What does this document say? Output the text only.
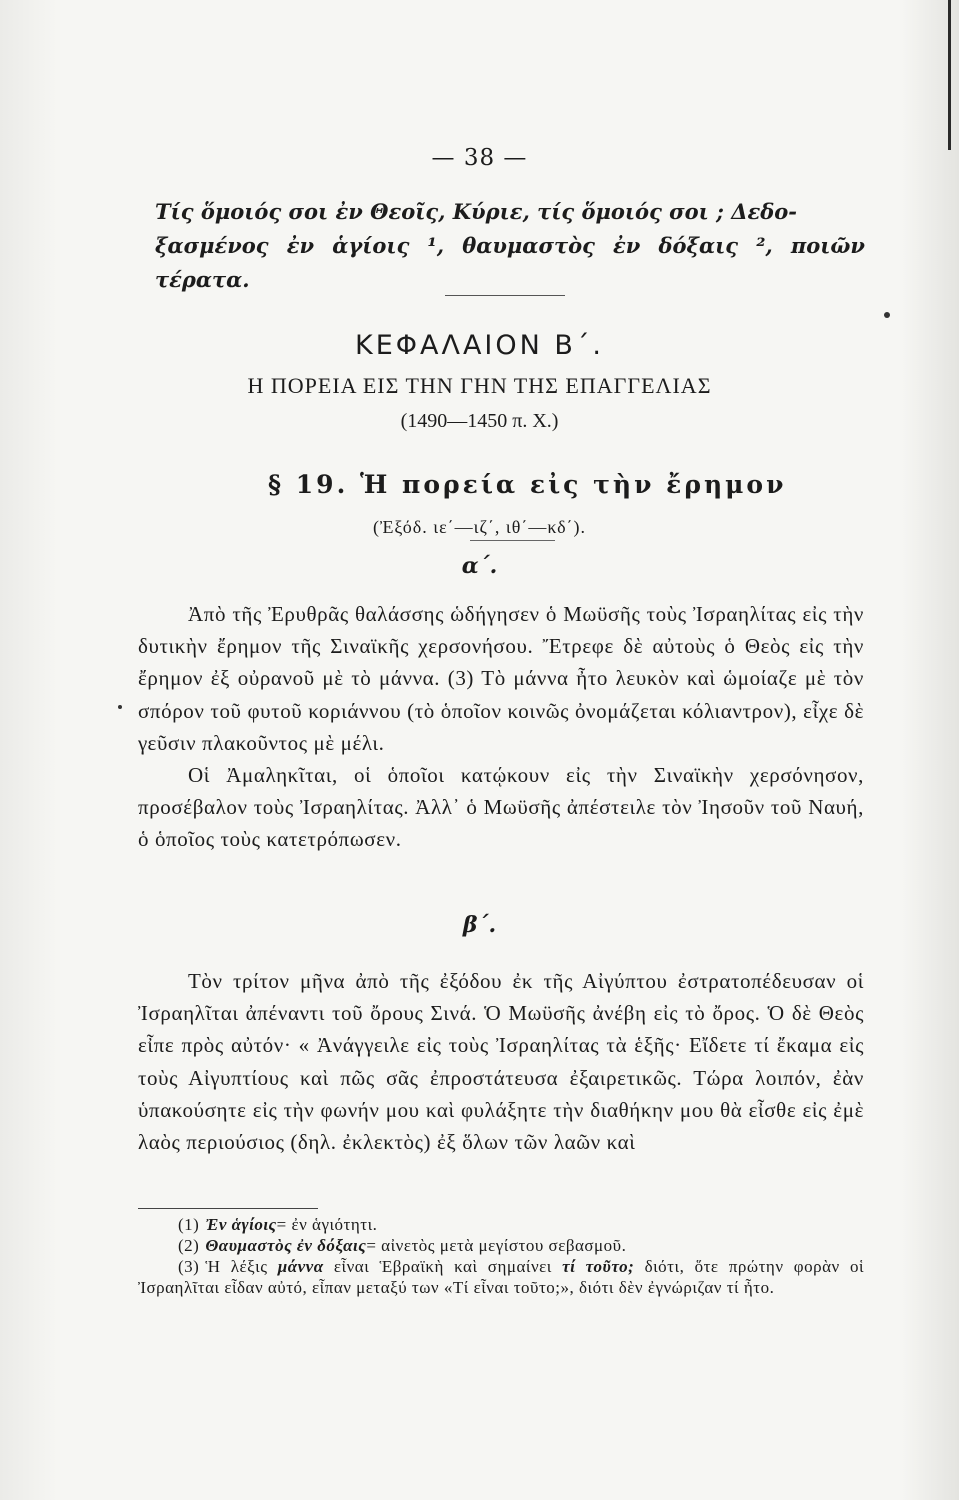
— 38 —
Τίς ὅμοιός σοι ἐν Θεοῖς, Κύριε, τίς ὅμοιός σοι ; Δεδο-
ξασμένος ἐν ἁγίοις ¹, θαυμαστὸς ἐν δόξαις ², ποιῶν τέρατα.
ΚΕΦΑΛΑΙΟΝ Β΄.
Η ΠΟΡΕΙΑ ΕΙΣ ΤΗΝ ΓΗΝ ΤΗΣ ΕΠΑΓΓΕΛΙΑΣ
(1490—1450 π. Χ.)
§ 19. Ἡ πορεία εἰς τὴν ἔρημον
(Ἐξόδ. ιε΄—ιζ΄, ιθ΄—κδ΄).
α΄.

Ἀπὸ τῆς Ἐρυθρᾶς θαλάσσης ὡδήγησεν ὁ Μωϋσῆς τοὺς Ἰσραηλίτας εἰς τὴν δυτικὴν ἔρημον τῆς Σιναϊκῆς χερσονήσου. Ἔτρεφε δὲ αὐτοὺς ὁ Θεὸς εἰς τὴν ἔρημον ἐξ οὐρανοῦ μὲ τὸ μάννα. (3) Τὸ μάννα ἦτο λευκὸν καὶ ὡμοίαζε μὲ τὸν σπόρον τοῦ φυτοῦ κοριάννου (τὸ ὁποῖον κοινῶς ὀνομάζεται κόλιαντρον), εἶχε δὲ γεῦσιν πλακοῦντος μὲ μέλι.

Οἱ Ἀμαληκῖται, οἱ ὁποῖοι κατῴκουν εἰς τὴν Σιναϊκὴν χερσόνησον, προσέβαλον τοὺς Ἰσραηλίτας. Ἀλλ᾽ ὁ Μωϋσῆς ἀπέστειλε τὸν Ἰησοῦν τοῦ Ναυή, ὁ ὁποῖος τοὺς κατετρόπωσεν.

β΄.

Τὸν τρίτον μῆνα ἀπὸ τῆς ἐξόδου ἐκ τῆς Αἰγύπτου ἐστρατοπέδευσαν οἱ Ἰσραηλῖται ἀπέναντι τοῦ ὄρους Σινά. Ὁ Μωϋσῆς ἀνέβη εἰς τὸ ὄρος. Ὁ δὲ Θεὸς εἶπε πρὸς αὐτόν· « Ἀνάγγειλε εἰς τοὺς Ἰσραηλίτας τὰ ἑξῆς· Εἴδετε τί ἔκαμα εἰς τοὺς Αἰγυπτίους καὶ πῶς σᾶς ἐπροστάτευσα ἐξαιρετικῶς. Τώρα λοιπόν, ἐὰν ὑπακούσητε εἰς τὴν φωνήν μου καὶ φυλάξητε τὴν διαθήκην μου θὰ εἶσθε εἰς ἐμὲ λαὸς περιούσιος (δηλ. ἐκλεκτὸς) ἐξ ὅλων τῶν λαῶν καὶ

(1) Ἐν ἁγίοις= ἐν ἁγιότητι.
(2) Θαυμαστὸς ἐν δόξαις= αἰνετὸς μετὰ μεγίστου σεβασμοῦ.
(3) Ἡ λέξις μάννα εἶναι Ἑβραϊκὴ καὶ σημαίνει τί τοῦτο; διότι, ὅτε πρώτην φορὰν οἱ Ἰσραηλῖται εἶδαν αὐτό, εἶπαν μεταξύ των «Τί εἶναι τοῦτο;», διότι δὲν ἐγνώριζαν τί ἦτο.
